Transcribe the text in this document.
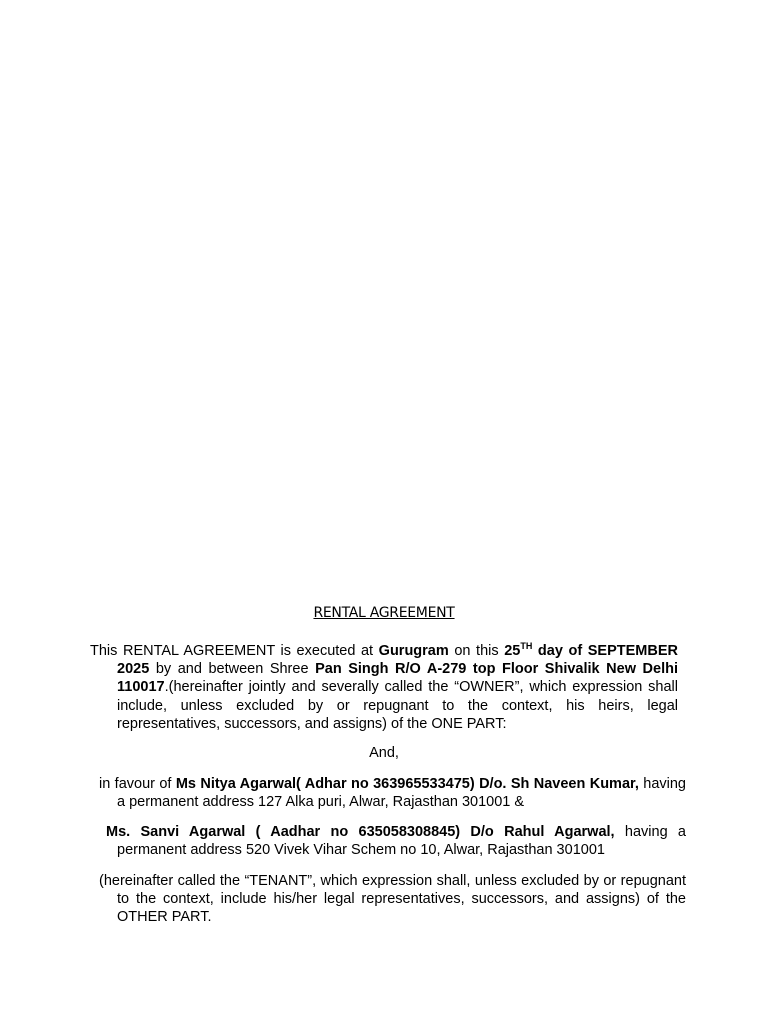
RENTAL AGREEMENT
This RENTAL AGREEMENT is executed at Gurugram on this 25TH day of SEPTEMBER 2025 by and between Shree Pan Singh R/O A-279 top Floor Shivalik New Delhi 110017.(hereinafter jointly and severally called the “OWNER”, which expression shall include, unless excluded by or repugnant to the context, his heirs, legal representatives, successors, and assigns) of the ONE PART:
And,
in favour of Ms Nitya Agarwal( Adhar no 363965533475) D/o. Sh Naveen Kumar, having a permanent address 127 Alka puri, Alwar, Rajasthan 301001 &
Ms. Sanvi Agarwal ( Aadhar no 635058308845) D/o Rahul Agarwal, having a permanent address 520 Vivek Vihar Schem no 10, Alwar, Rajasthan 301001
(hereinafter called the “TENANT”, which expression shall, unless excluded by or repugnant to the context, include his/her legal representatives, successors, and assigns) of the OTHER PART.
